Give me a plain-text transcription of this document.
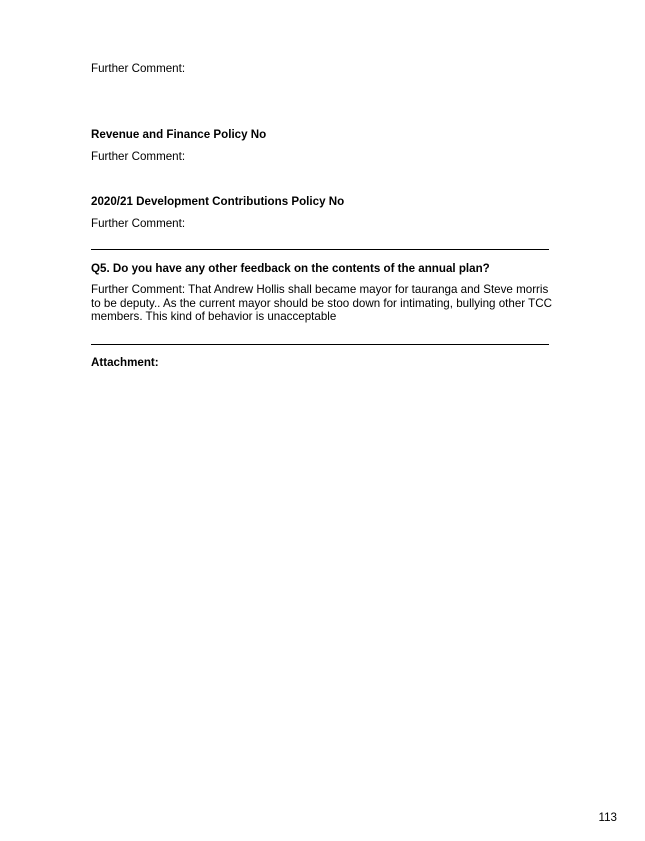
Further Comment:
Revenue and Finance Policy No
Further Comment:
2020/21 Development Contributions Policy No
Further Comment:
Q5. Do you have any other feedback on the contents of the annual plan?
Further Comment: That Andrew Hollis shall became mayor for tauranga and Steve morris to be deputy.. As the current mayor should be stoo down for intimating, bullying other TCC members. This kind of behavior is unacceptable
Attachment:
113
